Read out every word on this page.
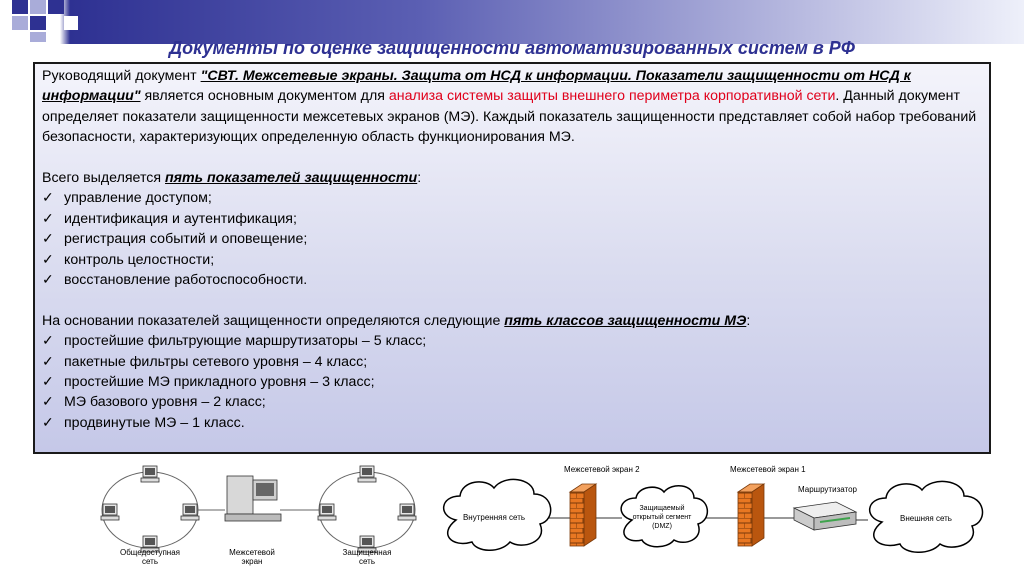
Документы по оценке защищенности автоматизированных систем в РФ

Руководящий документ "СВТ. Межсетевые экраны. Защита от НСД к информации. Показатели защищенности от НСД к информации" является основным документом для анализа системы защиты внешнего периметра корпоративной сети. Данный документ определяет показатели защищенности межсетевых экранов (МЭ). Каждый показатель защищенности представляет собой набор требований безопасности, характеризующих определенную область функционирования МЭ.

Всего выделяется пять показателей защищенности:

✓ управление доступом;

✓ идентификация и аутентификация;

✓ регистрация событий и оповещение;

✓ контроль целостности;

✓ восстановление работоспособности.

На основании показателей защищенности определяются следующие пять классов защищенности МЭ:

✓ простейшие фильтрующие маршрутизаторы – 5 класс;

✓ пакетные фильтры сетевого уровня – 4 класс;

✓ простейшие МЭ прикладного уровня – 3 класс;

✓ МЭ базового уровня – 2 класс;

✓ продвинутые МЭ – 1 класс.

Общедоступная сеть
Межсетевой экран
Защищенная сеть
Межсетевой экран 2	Межсетевой экран 1
Маршрутизатор
Внутренняя сеть
Защищаемый открытый сегмент (DMZ)
Внешняя сеть
